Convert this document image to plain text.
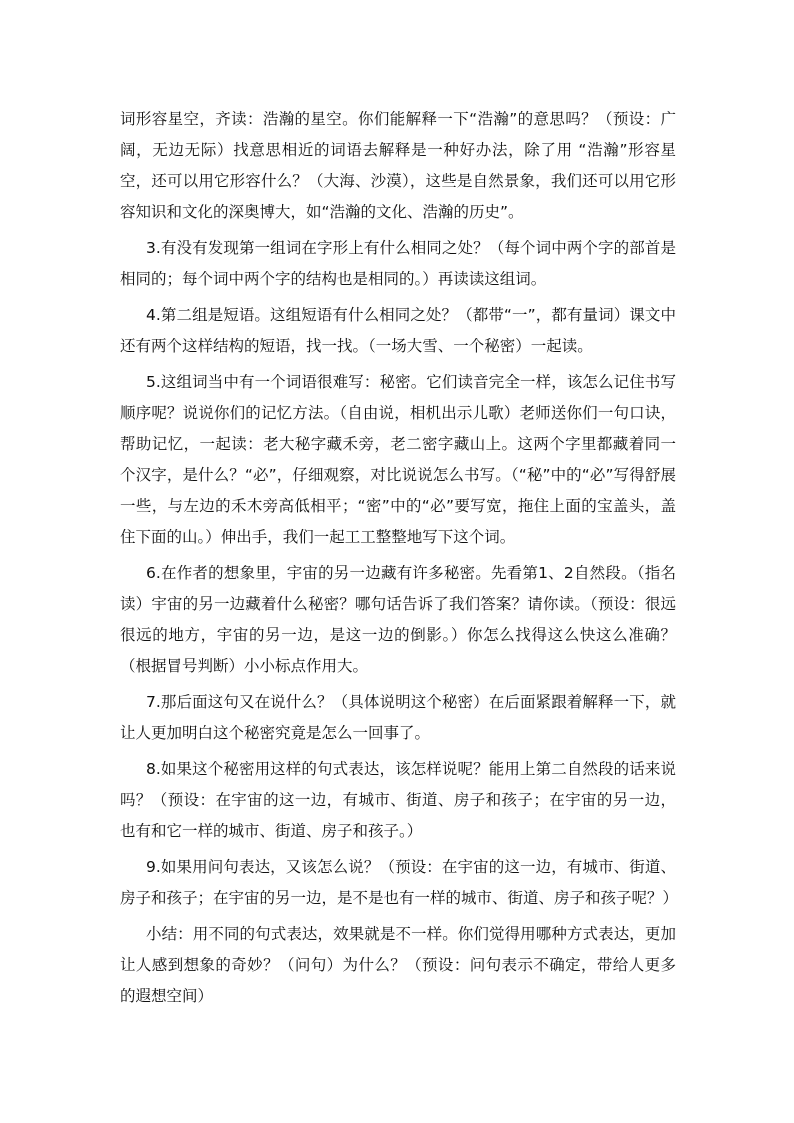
词形容星空，齐读：浩瀚的星空。你们能解释一下“浩瀚”的意思吗？（预设：广阔，无边无际）找意思相近的词语去解释是一种好办法，除了用 “浩瀚”形容星空，还可以用它形容什么？（大海、沙漠），这些是自然景象，我们还可以用它形容知识和文化的深奥博大，如“浩瀚的文化、浩瀚的历史”。

3.有没有发现第一组词在字形上有什么相同之处？（每个词中两个字的部首是相同的；每个词中两个字的结构也是相同的。）再读读这组词。

4.第二组是短语。这组短语有什么相同之处？（都带“一”，都有量词）课文中还有两个这样结构的短语，找一找。（一场大雪、一个秘密）一起读。

5.这组词当中有一个词语很难写：秘密。它们读音完全一样，该怎么记住书写顺序呢？说说你们的记忆方法。（自由说，相机出示儿歌）老师送你们一句口诀，帮助记忆，一起读：老大秘字藏禾旁，老二密字藏山上。这两个字里都藏着同一个汉字，是什么？“必”，仔细观察，对比说说怎么书写。（“秘”中的“必”写得舒展一些，与左边的禾木旁高低相平；“密”中的“必”要写宽，拖住上面的宝盖头，盖住下面的山。）伸出手，我们一起工工整整地写下这个词。

6.在作者的想象里，宇宙的另一边藏有许多秘密。先看第1、2自然段。（指名读）宇宙的另一边藏着什么秘密？哪句话告诉了我们答案？请你读。（预设：很远很远的地方，宇宙的另一边，是这一边的倒影。）你怎么找得这么快这么准确？（根据冒号判断）小小标点作用大。

7.那后面这句又在说什么？（具体说明这个秘密）在后面紧跟着解释一下，就让人更加明白这个秘密究竟是怎么一回事了。

8.如果这个秘密用这样的句式表达，该怎样说呢？能用上第二自然段的话来说吗？（预设：在宇宙的这一边，有城市、街道、房子和孩子；在宇宙的另一边，也有和它一样的城市、街道、房子和孩子。）

9.如果用问句表达，又该怎么说？（预设：在宇宙的这一边，有城市、街道、房子和孩子；在宇宙的另一边，是不是也有一样的城市、街道、房子和孩子呢？）

小结：用不同的句式表达，效果就是不一样。你们觉得用哪种方式表达，更加让人感到想象的奇妙？（问句）为什么？（预设：问句表示不确定，带给人更多的遐想空间）
